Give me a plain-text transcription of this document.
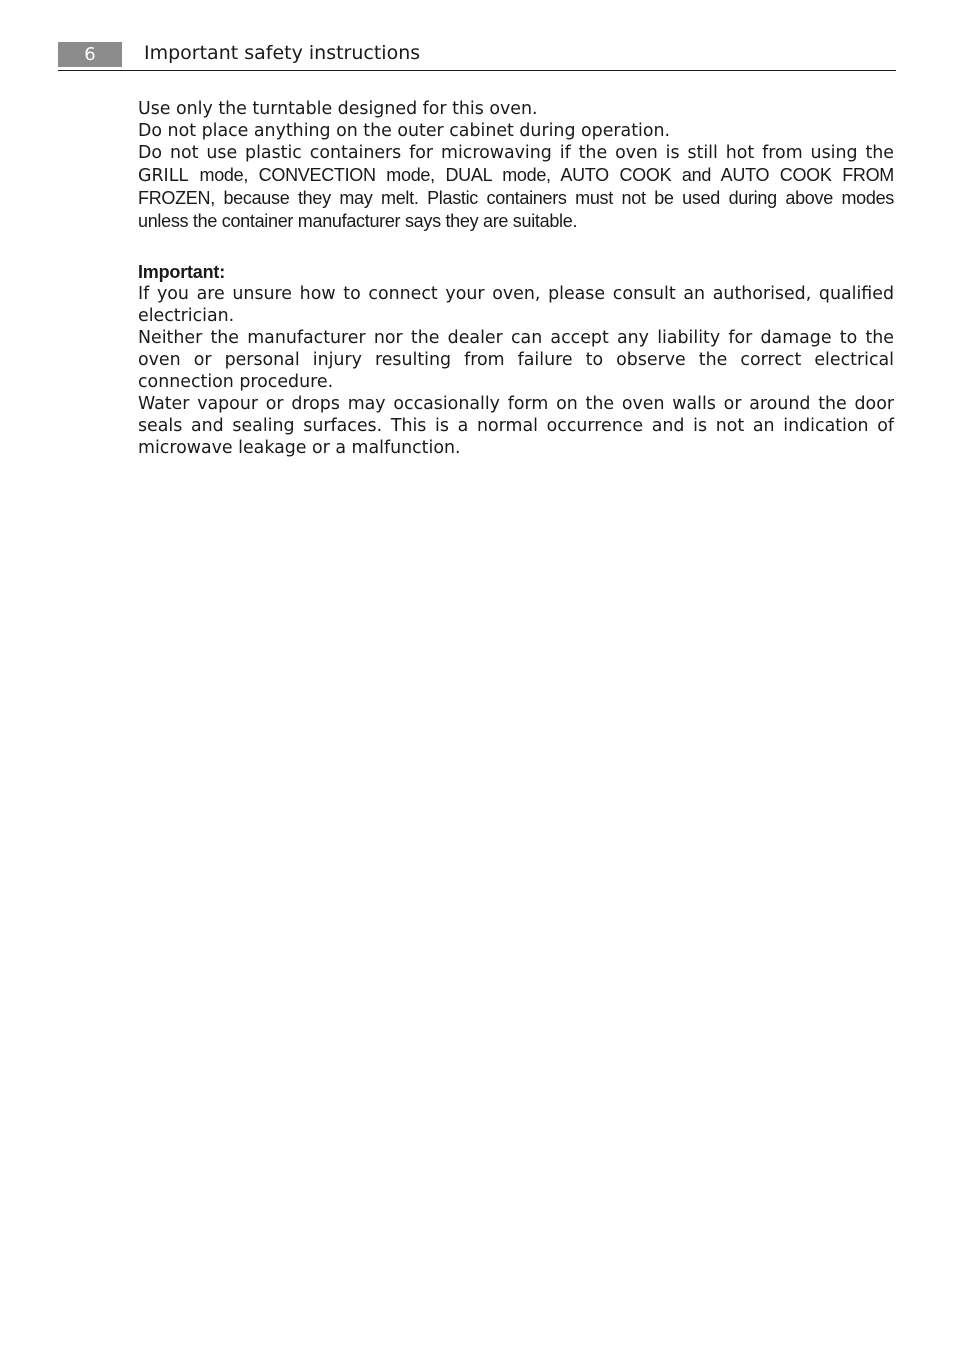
6	Important safety instructions

Use only the turntable designed for this oven.

Do not place anything on the outer cabinet during operation.

Do not use plastic containers for microwaving if the oven is still hot from using the GRILL mode, CONVECTION mode, DUAL mode, AUTO COOK and AUTO COOK FROM FROZEN, because they may melt. Plastic containers must not be used during above modes unless the container manufacturer says they are suitable.

Important:

If you are unsure how to connect your oven, please consult an authorised, qualified electrician.

Neither the manufacturer nor the dealer can accept any liability for damage to the oven or personal injury resulting from failure to observe the correct electrical connection procedure.

Water vapour or drops may occasionally form on the oven walls or around the door seals and sealing surfaces. This is a normal occurrence and is not an indication of microwave leakage or a malfunction.
